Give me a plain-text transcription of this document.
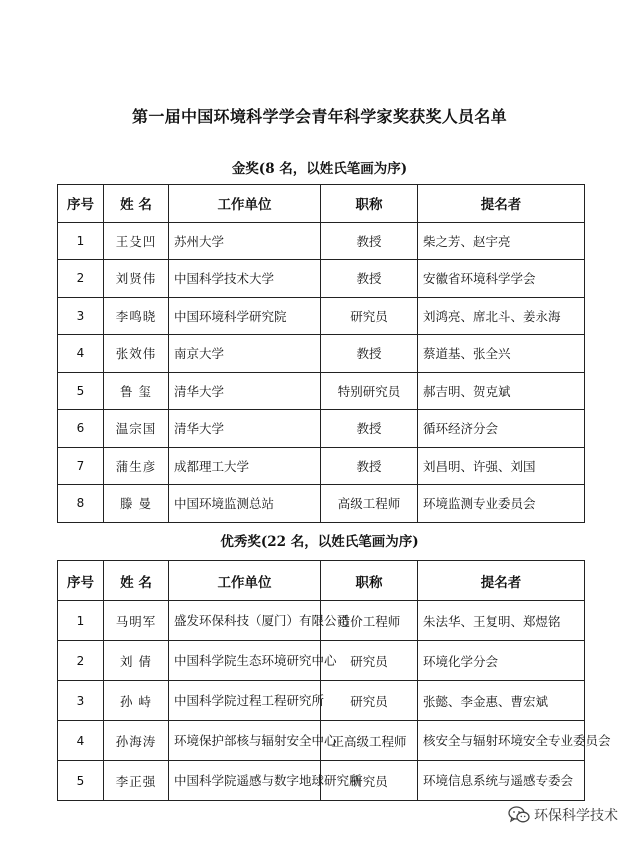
第一届中国环境科学学会青年科学家奖获奖人员名单
金奖(8 名，以姓氏笔画为序)
序号	姓 名	工作单位	职称	提名者
1	王殳凹	苏州大学	教授	柴之芳、赵宇亮
2	刘贤伟	中国科学技术大学	教授	安徽省环境科学学会
3	李鸣晓	中国环境科学研究院	研究员	刘鸿亮、席北斗、姜永海
4	张效伟	南京大学	教授	蔡道基、张全兴
5	鲁 玺	清华大学	特别研究员	郝吉明、贺克斌
6	温宗国	清华大学	教授	循环经济分会
7	蒲生彦	成都理工大学	教授	刘昌明、许强、刘国
8	滕 曼	中国环境监测总站	高级工程师	环境监测专业委员会
优秀奖(22 名，以姓氏笔画为序)
序号	姓 名	工作单位	职称	提名者
1	马明军	盛发环保科技（厦门）有限公司	造价工程师	朱法华、王复明、郑煜铭
2	刘 倩	中国科学院生态环境研究中心	研究员	环境化学分会
3	孙 峙	中国科学院过程工程研究所	研究员	张懿、李金惠、曹宏斌
4	孙海涛	环境保护部核与辐射安全中心	正高级工程师	核安全与辐射环境安全专业委员会
5	李正强	中国科学院遥感与数字地球研究所	研究员	环境信息系统与遥感专委会
环保科学技术
